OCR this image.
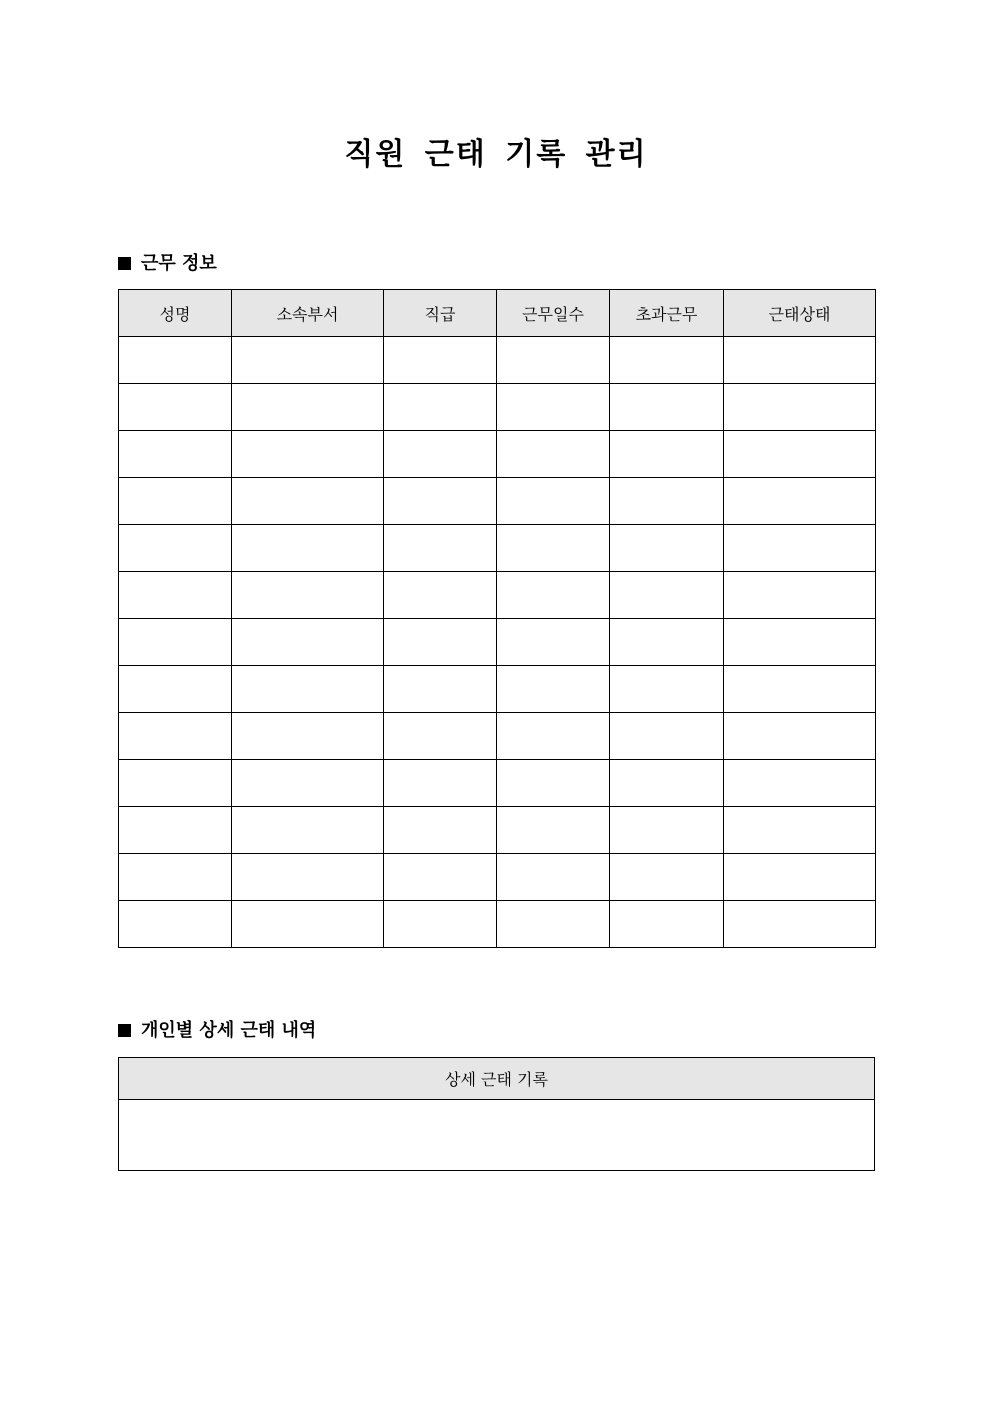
직원 근태 기록 관리
근무 정보
성명	소속부서	직급	근무일수	초과근무	근태상태

개인별 상세 근태 내역
상세 근태 기록
